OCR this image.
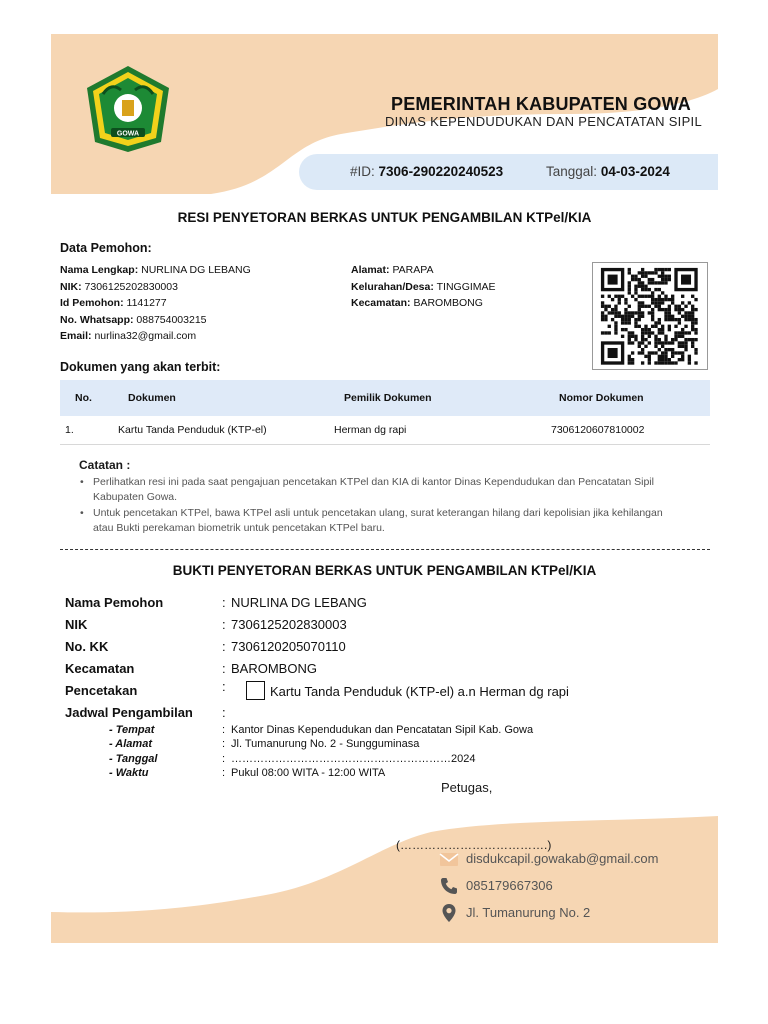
GOWA
PEMERINTAH KABUPATEN GOWA
DINAS KEPENDUDUKAN DAN PENCATATAN SIPIL
#ID: 7306-290220240523	Tanggal: 04-03-2024
RESI PENYETORAN BERKAS UNTUK PENGAMBILAN KTPel/KIA
Data Pemohon:
Nama Lengkap: NURLINA DG LEBANG
NIK: 7306125202830003
Id Pemohon: 1141277
No. Whatsapp: 088754003215
Email: nurlina32@gmail.com
Alamat: PARAPA
Kelurahan/Desa: TINGGIMAE
Kecamatan: BAROMBONG
Dokumen yang akan terbit:
No.	Dokumen	Pemilik Dokumen	Nomor Dokumen
1.	Kartu Tanda Penduduk (KTP-el)	Herman dg rapi	7306120607810002
Catatan :
• Perlihatkan resi ini pada saat pengajuan pencetakan KTPel dan KIA di kantor Dinas Kependudukan dan Pencatatan Sipil Kabupaten Gowa.
• Untuk pencetakan KTPel, bawa KTPel asli untuk pencetakan ulang, surat keterangan hilang dari kepolisian jika kehilangan atau Bukti perekaman biometrik untuk pencetakan KTPel baru.
BUKTI PENYETORAN BERKAS UNTUK PENGAMBILAN KTPel/KIA
Nama Pemohon	: NURLINA DG LEBANG
NIK	: 7306125202830003
No. KK	: 7306120205070110
Kecamatan	: BAROMBONG
Pencetakan	:	Kartu Tanda Penduduk (KTP-el) a.n Herman dg rapi
Jadwal Pengambilan	:
- Tempat	: Kantor Dinas Kependudukan dan Pencatatan Sipil Kab. Gowa
- Alamat	: Jl. Tumanurung No. 2 - Sungguminasa
- Tanggal	: ……………………………………………………2024
- Waktu	: Pukul 08:00 WITA - 12:00 WITA
Petugas,
(……………………………….)
disdukcapil.gowakab@gmail.com
085179667306
Jl. Tumanurung No. 2
